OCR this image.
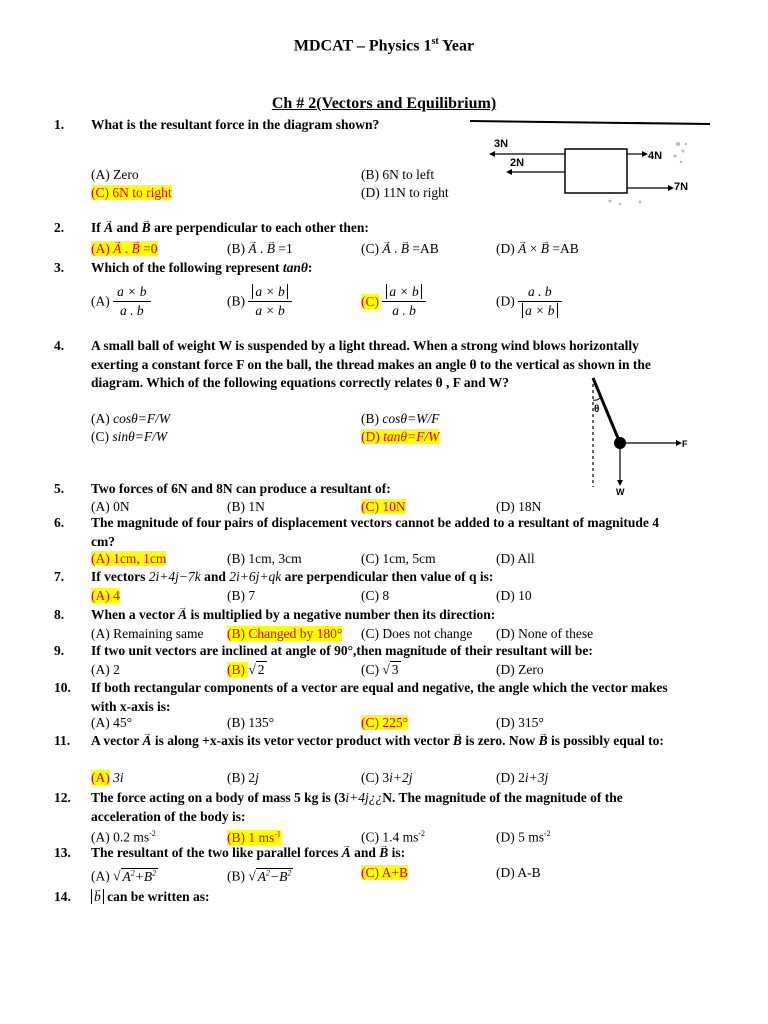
MDCAT – Physics 1st Year
Ch # 2(Vectors and Equilibrium)
1.	What is the resultant force in the diagram shown?
(A) Zero	(B) 6N to left
(C) 6N to right	(D) 11N to right
3N
2N
4N
7N
2.	If → A and → B are perpendicular to each other then:
(A) → A . → B =0	(B) → A . → B =1	(C) → A . → B =AB	(D) → A × → B =AB
3.	Which of the following represent tanθ:
$(A) \frac{a \times b}{a . b}$	$(B) \frac{a \times b}{a \times b}$	$(C) \frac{a \times b}{a . b}$	$(D) \frac{a . b}{a \times b}$
4.	A small ball of weight W is suspended by a light thread. When a strong wind blows horizontally exerting a constant force F on the ball, the thread makes an angle θ to the vertical as shown in the diagram. Which of the following equations correctly relates θ , F and W?
(A) cosθ=F/W	(B) cosθ=W/F
(C) sinθ=F/W	(D) tanθ=F/W
θ
F
W
5.	Two forces of 6N and 8N can produce a resultant of:
(A) 0N	(B) 1N	(C) 10N	(D) 18N
6.	The magnitude of four pairs of displacement vectors cannot be added to a resultant of magnitude 4 cm?
(A) 1cm, 1cm	(B) 1cm, 3cm	(C) 1cm, 5cm	(D) All
7.	If vectors 2i+4j−7k and 2i+6j+qk are perpendicular then value of q is:
(A) 4	(B) 7	(C) 8	(D) 10
8.	When a vector → A is multiplied by a negative number then its direction:
(A) Remaining same (B) Changed by 180° (C) Does not change (D) None of these
9.	If two unit vectors are inclined at angle of 90°,then magnitude of their resultant will be:
(A) 2	(B) √ 2	(C) √ 3	(D) Zero
10.	If both rectangular components of a vector are equal and negative, the angle which the vector makes with x-axis is:
(A) 45°	(B) 135°	(C) 225°	(D) 315°
11.	A vector → A is along +x-axis its vetor vector product with vector → B is zero. Now → B is possibly equal to:
(A) 3i	(B) 2j	(C) 3i+2j	(D) 2i+3j
12.	The force acting on a body of mass 5 kg is (3i+4j¿¿N. The magnitude of the magnitude of the acceleration of the body is:
(A) 0.2 $ms^{-2}$	(B) 1 $ms^{-1}$	(C) 1.4 $ms^{-2}$	(D) 5 $ms^{-2}$
13.	The resultant of the two like parallel forces → A and → B is:
(A) √ $A^2+B^2$	(B) √ $A^2-B^2$	(C) A+B	(D) A-B
14.
→	b can be written as:
